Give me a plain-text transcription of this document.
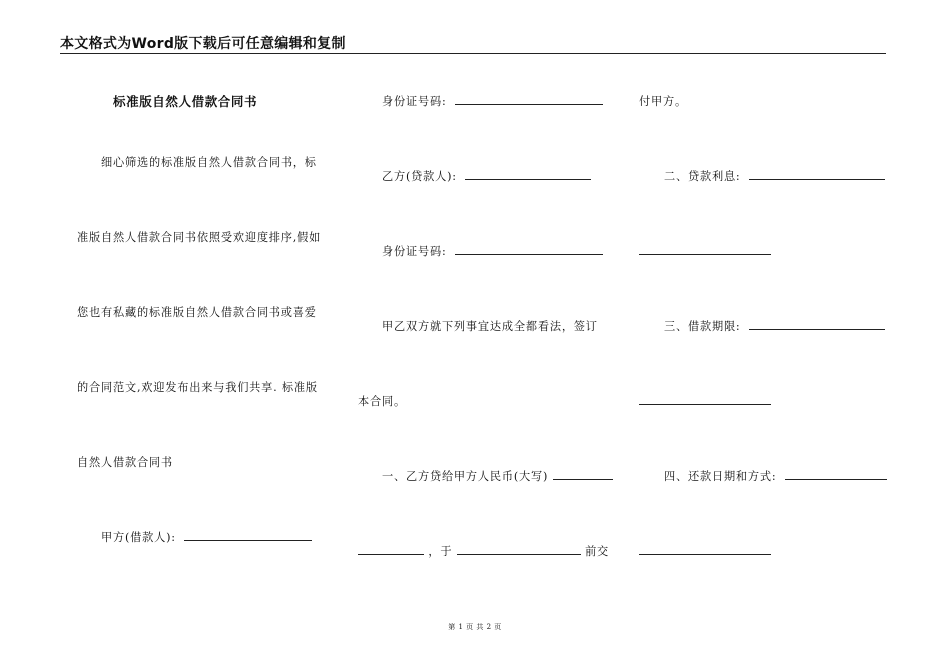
本文格式为Word版下载后可任意编辑和复制
标准版自然人借款合同书
细心筛选的标准版自然人借款合同书，标
准版自然人借款合同书依照受欢迎度排序,假如
您也有私藏的标准版自然人借款合同书或喜爱
的合同范文,欢迎发布出来与我们共享. 标准版
自然人借款合同书
甲方(借款人):
身份证号码:
乙方(贷款人):
身份证号码:
甲乙双方就下列事宜达成全都看法，签订
本合同。
一、乙方贷给甲方人民币(大写)
，于	前交
付甲方。
二、贷款利息:
三、借款期限:
四、还款日期和方式:
第 1 页 共 2 页
